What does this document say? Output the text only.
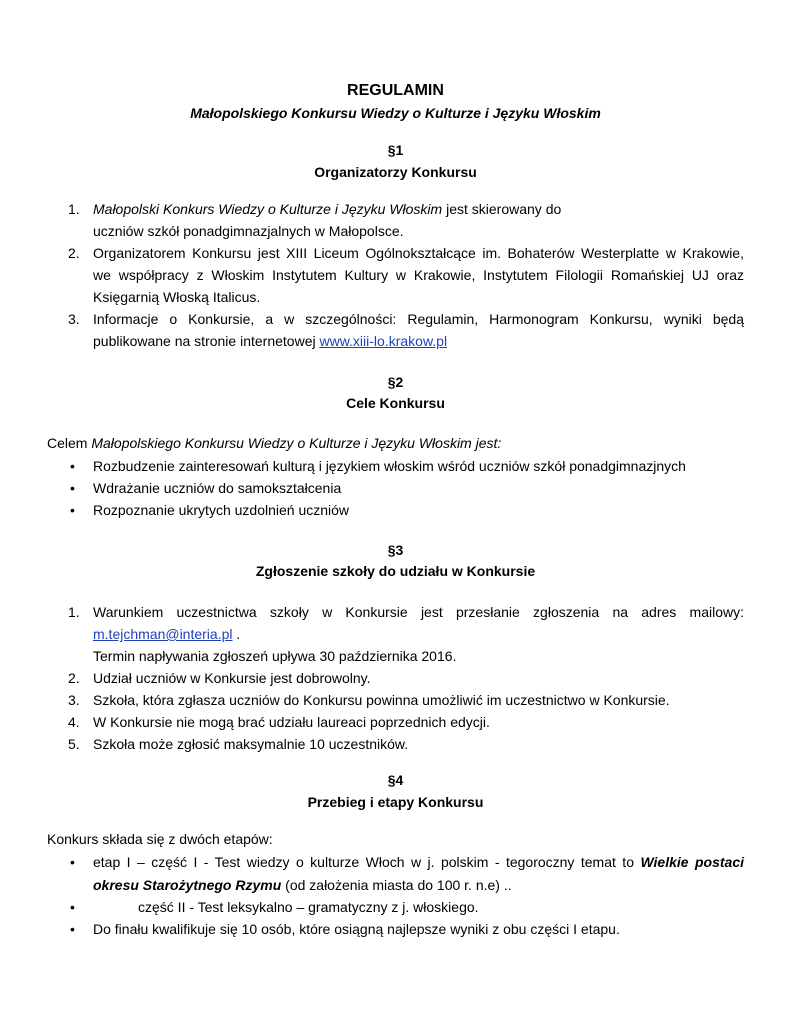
REGULAMIN
Małopolskiego Konkursu Wiedzy o Kulturze i Języku Włoskim
§1
Organizatorzy Konkursu
1. Małopolski Konkurs Wiedzy o Kulturze i Języku Włoskim jest skierowany do
uczniów szkół ponadgimnazjalnych w Małopolsce.
2. Organizatorem Konkursu jest XIII Liceum Ogólnokształcące im. Bohaterów Westerplatte w Krakowie,
we współpracy z Włoskim Instytutem Kultury w Krakowie, Instytutem Filologii Romańskiej UJ oraz
Księgarnią Włoską Italicus.
3. Informacje o Konkursie, a w szczególności: Regulamin, Harmonogram Konkursu, wyniki będą
publikowane na stronie internetowej www.xiii-lo.krakow.pl
§2
Cele Konkursu
Celem Małopolskiego Konkursu Wiedzy o Kulturze i Języku Włoskim jest:
• Rozbudzenie zainteresowań kulturą i językiem włoskim wśród uczniów szkół ponadgimnazjnych
• Wdrażanie uczniów do samokształcenia
• Rozpoznanie ukrytych uzdolnień uczniów
§3
Zgłoszenie szkoły do udziału w Konkursie
1. Warunkiem uczestnictwa szkoły w Konkursie jest przesłanie zgłoszenia na adres mailowy:
m.tejchman@interia.pl .
Termin napływania zgłoszeń upływa 30 października 2016.
2. Udział uczniów w Konkursie jest dobrowolny.
3. Szkoła, która zgłasza uczniów do Konkursu powinna umożliwić im uczestnictwo w Konkursie.
4. W Konkursie nie mogą brać udziału laureaci poprzednich edycji.
5. Szkoła może zgłosić maksymalnie 10 uczestników.
§4
Przebieg i etapy Konkursu
Konkurs składa się z dwóch etapów:
• etap I – część I - Test wiedzy o kulturze Włoch w j. polskim - tegoroczny temat to Wielkie postaci
okresu Starożytnego Rzymu (od założenia miasta do 100 r. n.e) ..
•	część II - Test leksykalno – gramatyczny z j. włoskiego.
• Do finału kwalifikuje się 10 osób, które osiągną najlepsze wyniki z obu części I etapu.
